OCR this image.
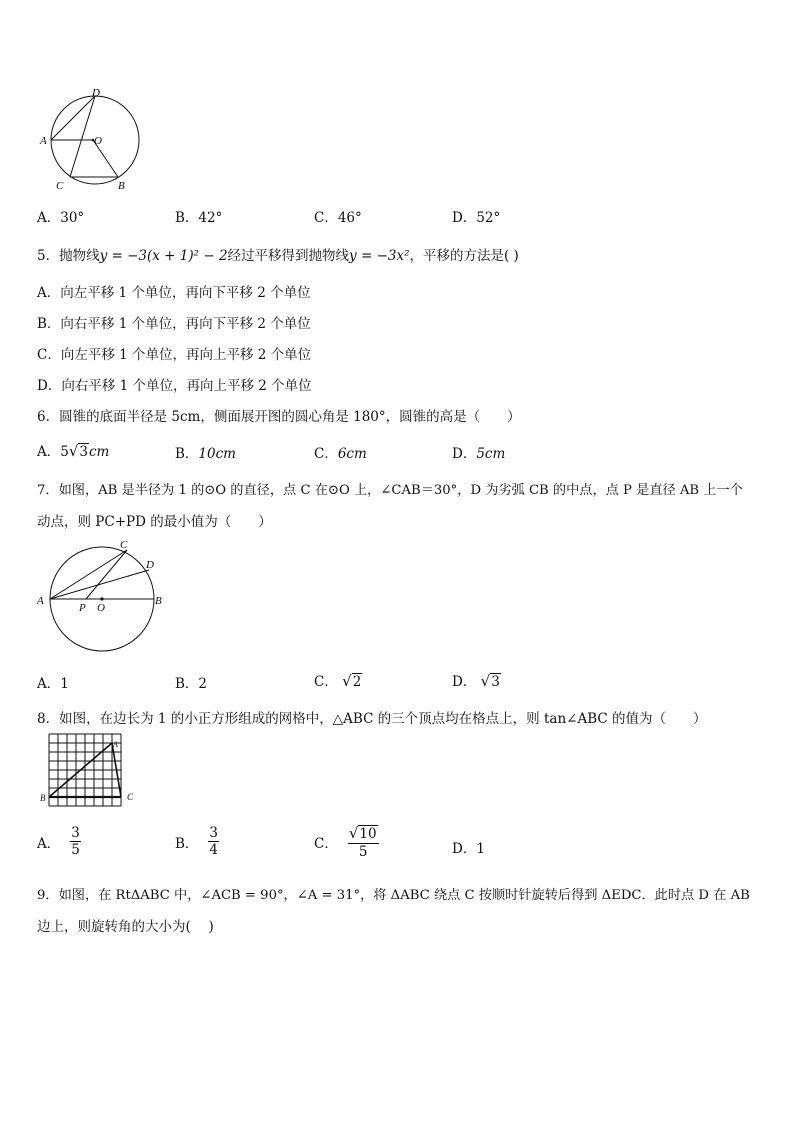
D
A	O
C	B
A．30°	B．42°	C．46°	D．52°
5．抛物线y = −3(x + 1)² − 2经过平移得到抛物线y = −3x²，平移的方法是( )
A．向左平移 1 个单位，再向下平移 2 个单位
B．向右平移 1 个单位，再向下平移 2 个单位
C．向左平移 1 个单位，再向上平移 2 个单位
D．向右平移 1 个单位，再向上平移 2 个单位
6．圆锥的底面半径是 5cm，侧面展开图的圆心角是 180°，圆锥的高是（　　）
A．5√3cm	B．10cm	C．6cm	D．5cm
7．如图，AB 是半径为 1 的⊙O 的直径，点 C 在⊙O 上，∠CAB＝30°，D 为劣弧 CB 的中点，点 P 是直径 AB 上一个
动点，则 PC+PD 的最小值为（　　）
C
D
A	B
P O
A．1	B．2	C． √2	D． √3
8．如图，在边长为 1 的小正方形组成的网格中，△ABC 的三个顶点均在格点上，则 tan∠ABC 的值为（　　）
A
B	C
A． $\frac{3}{5}$	B． $\frac{3}{4}$	C． $\frac{√10}{5}$	D．1
9．如图，在 RtΔABC 中，∠ACB = 90°，∠A = 31°，将 ΔABC 绕点 C 按顺时针旋转后得到 ΔEDC．此时点 D 在 AB
边上，则旋转角的大小为(　 )
